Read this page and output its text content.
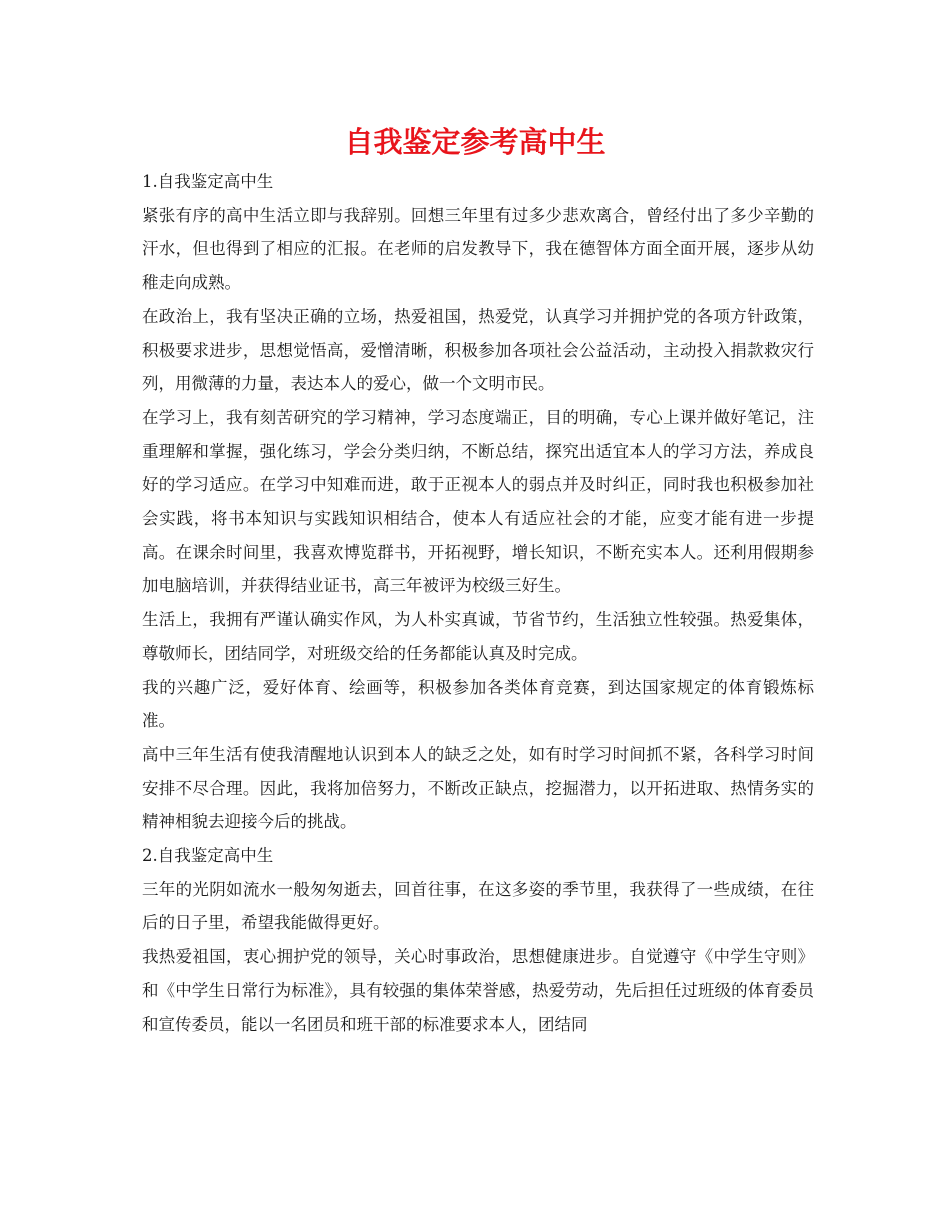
自我鉴定参考高中生

1.自我鉴定高中生

紧张有序的高中生活立即与我辞别。回想三年里有过多少悲欢离合，曾经付出了多少辛勤的汗水，但也得到了相应的汇报。在老师的启发教导下，我在德智体方面全面开展，逐步从幼稚走向成熟。

在政治上，我有坚决正确的立场，热爱祖国，热爱党，认真学习并拥护党的各项方针政策，积极要求进步，思想觉悟高，爱憎清晰，积极参加各项社会公益活动，主动投入捐款救灾行列，用微薄的力量，表达本人的爱心，做一个文明市民。

在学习上，我有刻苦研究的学习精神，学习态度端正，目的明确，专心上课并做好笔记，注重理解和掌握，强化练习，学会分类归纳，不断总结，探究出适宜本人的学习方法，养成良好的学习适应。在学习中知难而进，敢于正视本人的弱点并及时纠正，同时我也积极参加社会实践，将书本知识与实践知识相结合，使本人有适应社会的才能，应变才能有进一步提高。在课余时间里，我喜欢博览群书，开拓视野，增长知识，不断充实本人。还利用假期参加电脑培训，并获得结业证书，高三年被评为校级三好生。

生活上，我拥有严谨认确实作风，为人朴实真诚，节省节约，生活独立性较强。热爱集体，尊敬师长，团结同学，对班级交给的任务都能认真及时完成。

我的兴趣广泛，爱好体育、绘画等，积极参加各类体育竞赛，到达国家规定的体育锻炼标准。

高中三年生活有使我清醒地认识到本人的缺乏之处，如有时学习时间抓不紧，各科学习时间安排不尽合理。因此，我将加倍努力，不断改正缺点，挖掘潜力，以开拓进取、热情务实的精神相貌去迎接今后的挑战。

2.自我鉴定高中生

三年的光阴如流水一般匆匆逝去，回首往事，在这多姿的季节里，我获得了一些成绩，在往后的日子里，希望我能做得更好。

我热爱祖国，衷心拥护党的领导，关心时事政治，思想健康进步。自觉遵守《中学生守则》和《中学生日常行为标准》，具有较强的集体荣誉感，热爱劳动，先后担任过班级的体育委员和宣传委员，能以一名团员和班干部的标准要求本人，团结同
